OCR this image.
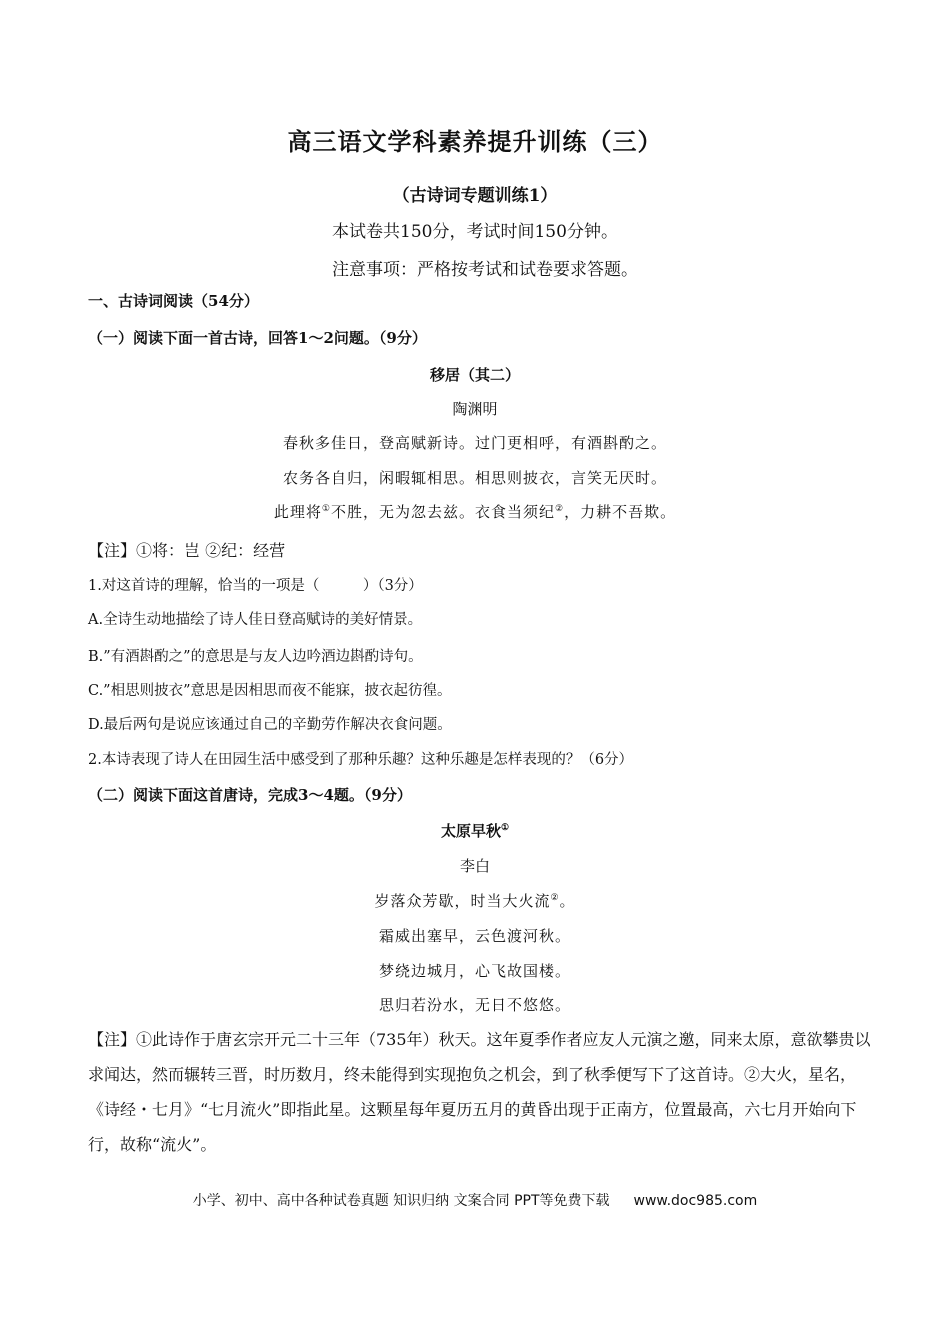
高三语文学科素养提升训练（三）
（古诗词专题训练1）
本试卷共150分，考试时间150分钟。
注意事项：严格按考试和试卷要求答题。
一、古诗词阅读（54分）
（一）阅读下面一首古诗，回答1～2问题。（9分）
移居（其二）
陶渊明
春秋多佳日，登高赋新诗。过门更相呼，有酒斟酌之。
农务各自归，闲暇辄相思。相思则披衣，言笑无厌时。
此理将①不胜，无为忽去兹。衣食当须纪②，力耕不吾欺。
【注】①将：岂 ②纪：经营
1.对这首诗的理解，恰当的一项是（　　　）（3分）
A.全诗生动地描绘了诗人佳日登高赋诗的美好情景。
B.”有酒斟酌之”的意思是与友人边吟酒边斟酌诗句。
C.”相思则披衣”意思是因相思而夜不能寐，披衣起彷徨。
D.最后两句是说应该通过自己的辛勤劳作解决衣食问题。
2.本诗表现了诗人在田园生活中感受到了那种乐趣？这种乐趣是怎样表现的？（6分）
（二）阅读下面这首唐诗，完成3～4题。（9分）
太原早秋①
李白
岁落众芳歇，时当大火流②。
霜威出塞早，云色渡河秋。
梦绕边城月，心飞故国楼。
思归若汾水，无日不悠悠。
【注】①此诗作于唐玄宗开元二十三年（735年）秋天。这年夏季作者应友人元演之邀，同来太原，意欲攀贵以求闻达，然而辗转三晋，时历数月，终未能得到实现抱负之机会，到了秋季便写下了这首诗。②大火，星名，《诗经・七月》“七月流火”即指此星。这颗星每年夏历五月的黄昏出现于正南方，位置最高，六七月开始向下行，故称“流火”。
小学、初中、高中各种试卷真题 知识归纳 文案合同 PPT等免费下载 www.doc985.com
